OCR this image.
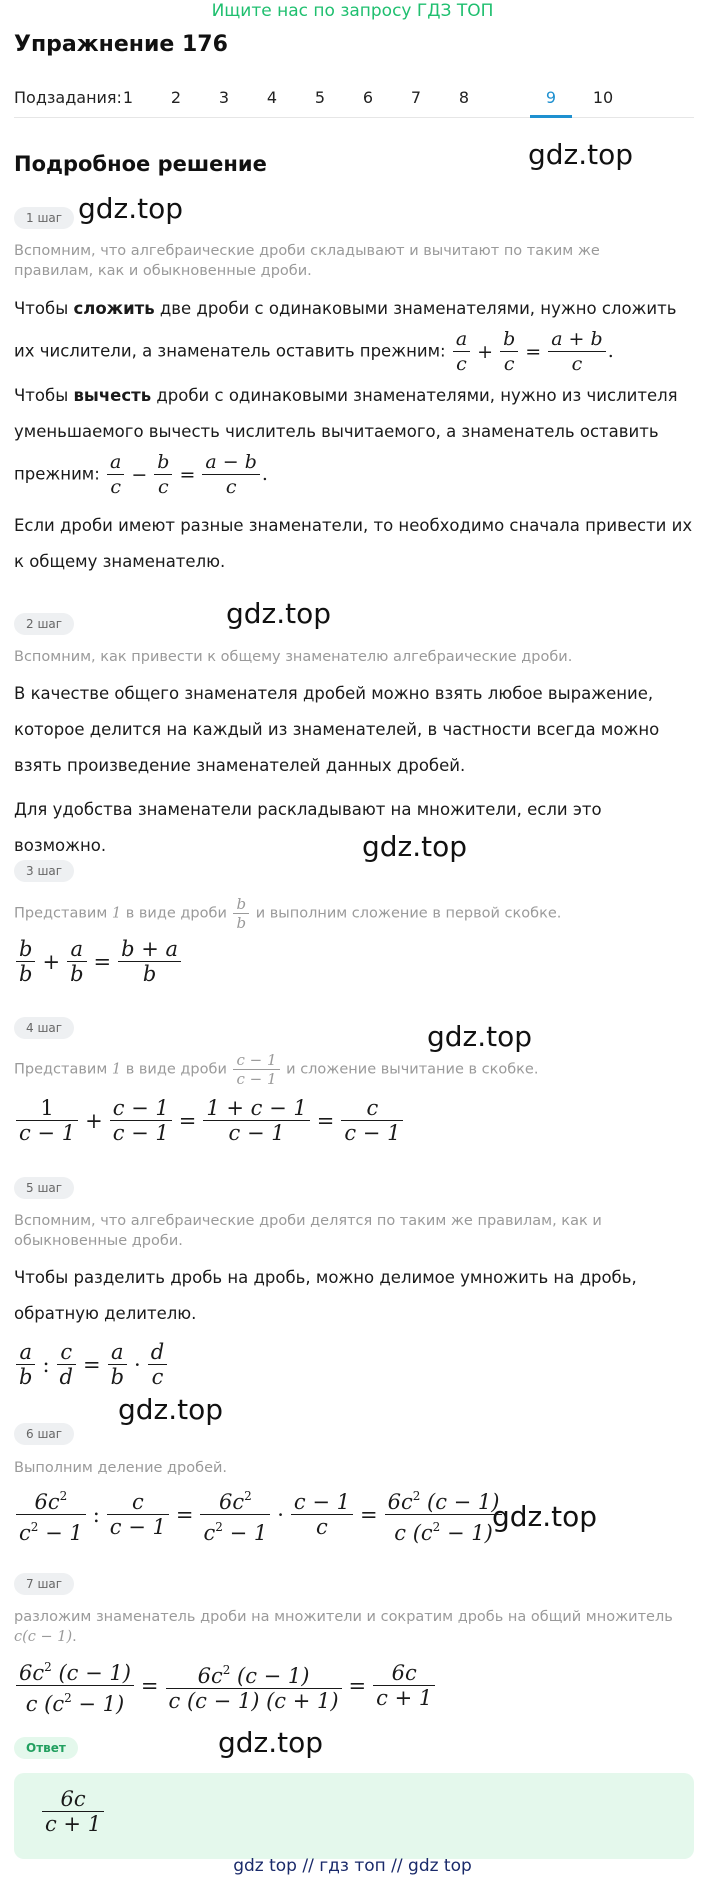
Ищите нас по запросу ГДЗ ТОП
Упражнение 176
Подзадания: 1	2	3	4	5	6	7	8	9	10
Подробное решение	gdz.top
gdz.top
gdz.top
gdz.top
gdz.top
gdz.top
gdz.top
gdz.top
1 шаг
Вспомним, что алгебраические дроби складывают и вычитают по таким же правилам, как и обыкновенные дроби.
Чтобы сложить две дроби с одинаковыми знаменателями, нужно сложить их числители, а знаменатель оставить прежним: $\frac{a}{c} + \frac{b}{c} = \frac{a + b}{c}$ .
Чтобы вычесть дроби с одинаковыми знаменателями, нужно из числителя уменьшаемого вычесть числитель вычитаемого, а знаменатель оставить прежним: $\frac{a}{c} - \frac{b}{c} = \frac{a - b}{c}$ .
Если дроби имеют разные знаменатели, то необходимо сначала привести их к общему знаменателю.
2 шаг
Вспомним, как привести к общему знаменателю алгебраические дроби.
В качестве общего знаменателя дробей можно взять любое выражение, которое делится на каждый из знаменателей, в частности всегда можно взять произведение знаменателей данных дробей.
Для удобства знаменатели раскладывают на множители, если это возможно.
3 шаг
Представим 1 в виде дроби $\frac{b}{b}$ и выполним сложение в первой скобке.
$\frac{b}{b} + \frac{a}{b} = \frac{b + a}{b}$
4 шаг
Представим 1 в виде дроби $\frac{c - 1}{c - 1}$ и сложение вычитание в скобке.
$\frac{1}{c - 1} + \frac{c - 1}{c - 1} = \frac{1 + c - 1}{c - 1} = \frac{c}{c - 1}$
5 шаг
Вспомним, что алгебраические дроби делятся по таким же правилам, как и обыкновенные дроби.
Чтобы разделить дробь на дробь, можно делимое умножить на дробь, обратную делителю.
$\frac{a}{b}$ : $\frac{c}{d} = \frac{a}{b} \cdot \frac{d}{c}$
6 шаг
Выполним деление дробей.
$\frac{6c^2}{c^2 - 1}$ : $\frac{c}{c - 1} = \frac{6c^2}{c^2 - 1} \cdot \frac{c - 1}{c} = \frac{6c^2 (c - 1)}{c (c^2 - 1)}$
7 шаг
разложим знаменатель дроби на множители и сократим дробь на общий множитель
c(c − 1).
$\frac{6c^2 (c - 1)}{c (c^2 - 1)} = \frac{6c^2 (c - 1)}{c (c - 1) (c + 1)} = \frac{6c}{c + 1}$
Ответ
$\frac{6c}{c + 1}$
gdz top // гдз топ // gdz top
